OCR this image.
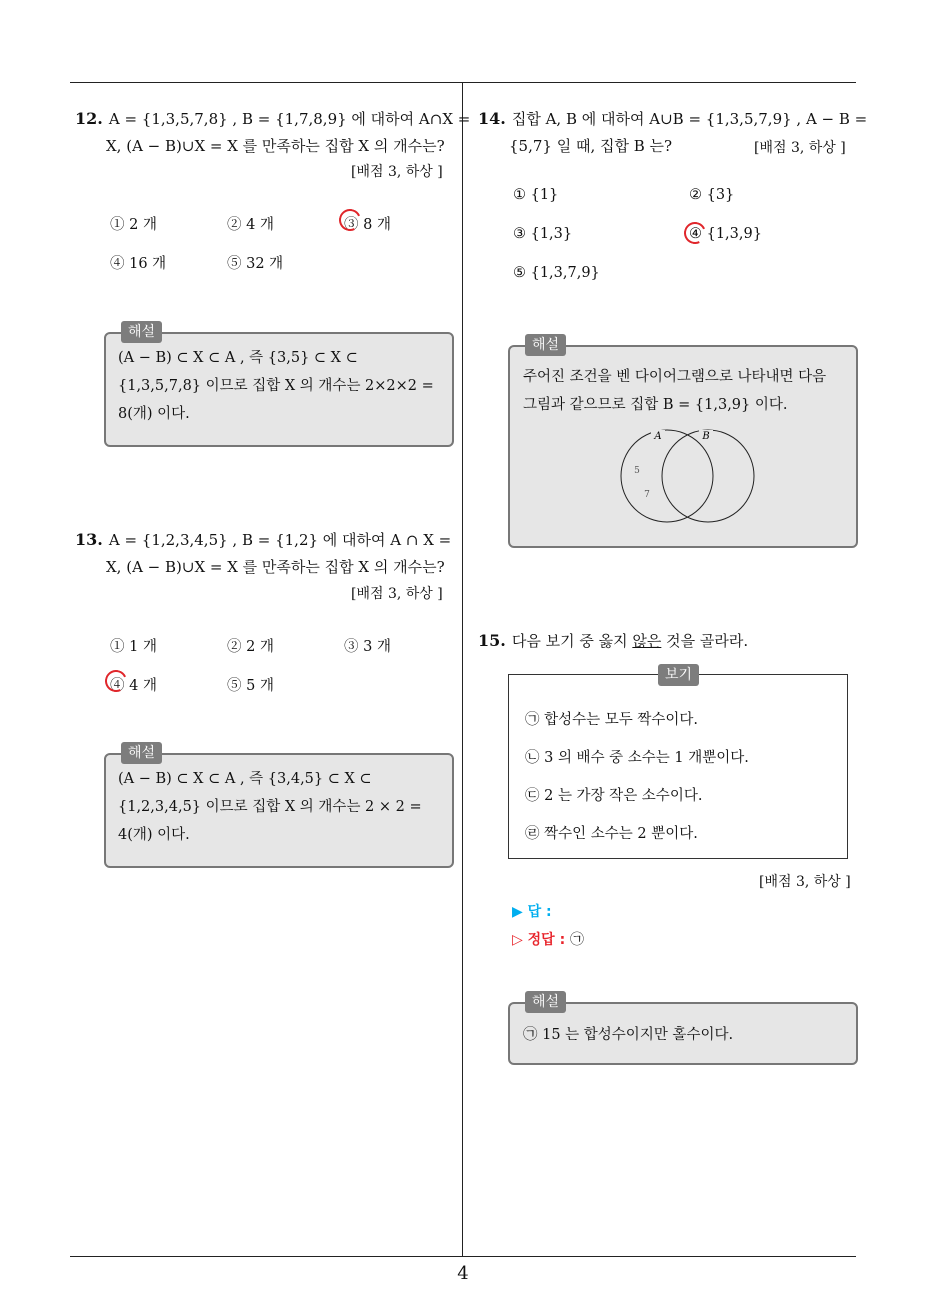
12. A = {1,3,5,7,8} , B = {1,7,8,9} 에 대하여 A∩X =
X, (A − B)∪X = X 를 만족하는 집합 X 의 개수는?
[배점 3, 하상 ]
① 2 개	② 4 개	③ 8 개
④ 16 개	⑤ 32 개
(A − B) ⊂ X ⊂ A , 즉 {3,5} ⊂ X ⊂
{1,3,5,7,8} 이므로 집합 X 의 개수는 2×2×2 =
8(개) 이다.
해설
13. A = {1,2,3,4,5} , B = {1,2} 에 대하여 A ∩ X =
X, (A − B)∪X = X 를 만족하는 집합 X 의 개수는?
[배점 3, 하상 ]
① 1 개	② 2 개	③ 3 개
④ 4 개	⑤ 5 개
(A − B) ⊂ X ⊂ A , 즉 {3,4,5} ⊂ X ⊂
{1,2,3,4,5} 이므로 집합 X 의 개수는 2 × 2 =
4(개) 이다.
해설
14. 집합 A, B 에 대하여 A∪B = {1,3,5,7,9} , A − B =
{5,7} 일 때, 집합 B 는?	[배점 3, 하상 ]
① {1}	② {3}
③ {1,3}	④ {1,3,9}
⑤ {1,3,7,9}
주어진 조건을 벤 다이어그램으로 나타내면 다음
그림과 같으므로 집합 B = {1,3,9} 이다.
A	B
5
7
해설
15. 다음 보기 중 옳지 않은 것을 골라라.
㉠ 합성수는 모두 짝수이다.
㉡ 3 의 배수 중 소수는 1 개뿐이다.
㉢ 2 는 가장 작은 소수이다.
㉣ 짝수인 소수는 2 뿐이다.
보기
[배점 3, 하상 ]
▶ 답 :
▷ 정답 : ㉠
㉠ 15 는 합성수이지만 홀수이다.
해설
4
